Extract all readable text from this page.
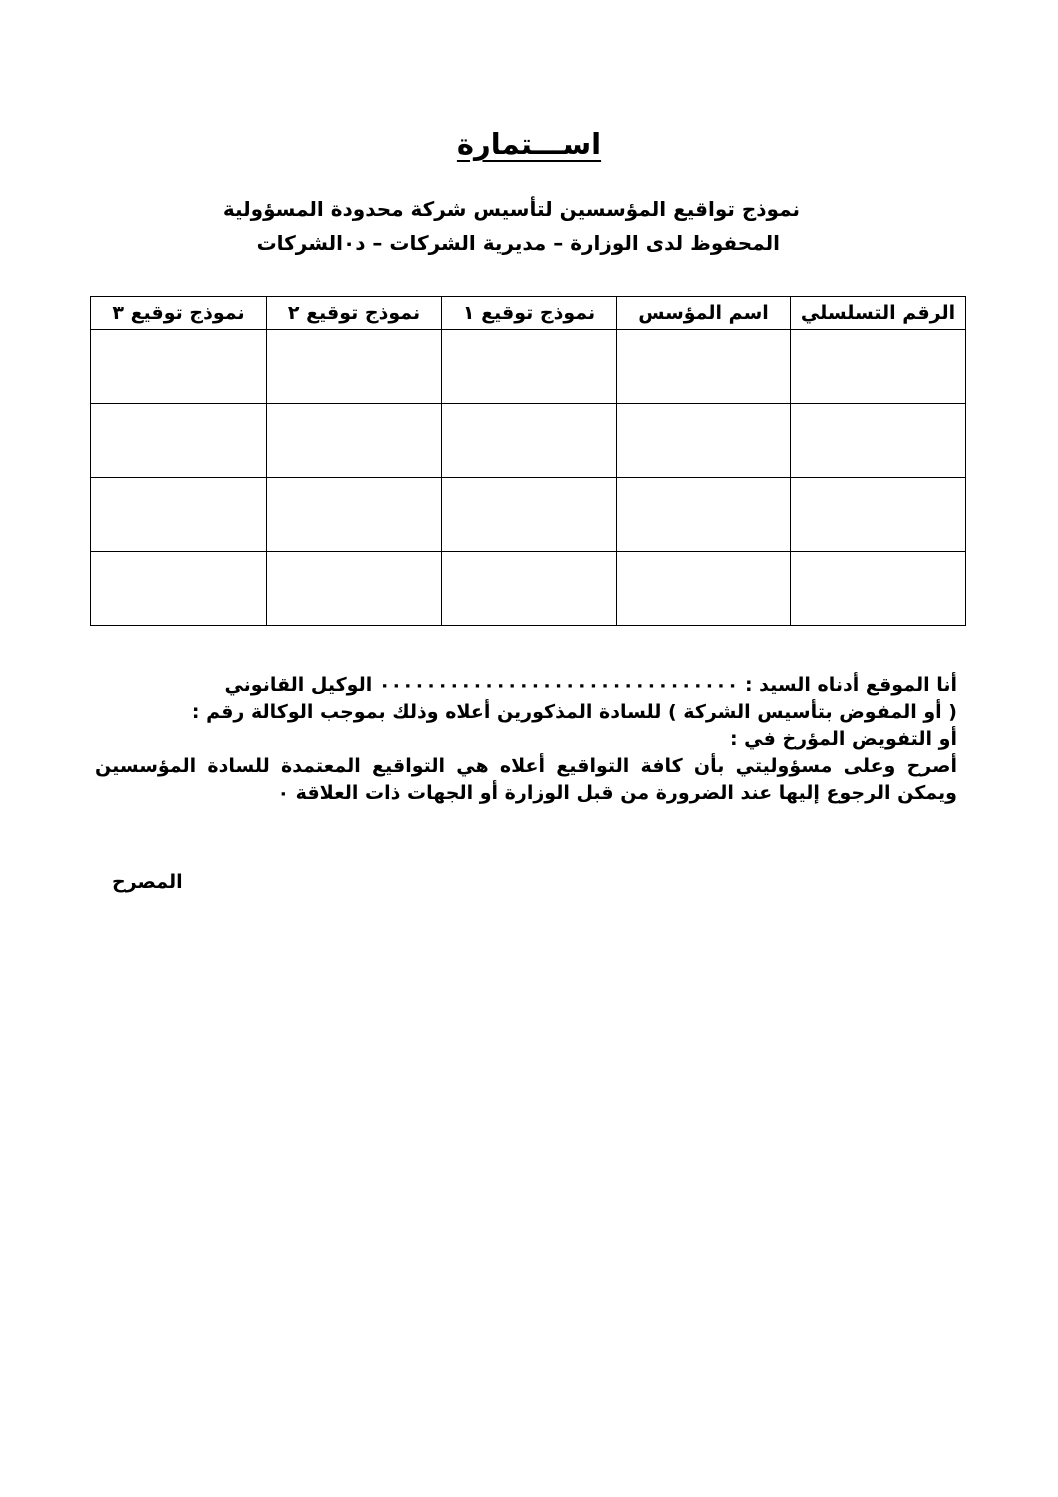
اســـتمارة

نموذج تواقيع المؤسسين لتأسيس شركة محدودة المسؤولية

المحفوظ لدى الوزارة – مديرية الشركات – د٠الشركات

الرقم التسلسلي	اسم المؤسس	نموذج توقيع ١	نموذج توقيع ٢	نموذج توقيع ٣

أنا الموقع أدناه السيد : ٠٠٠٠٠٠٠٠٠٠٠٠٠٠٠٠٠٠٠٠٠٠٠٠٠٠٠٠٠٠٠ الوكيل القانوني

( أو المفوض بتأسيس الشركة ) للسادة المذكورين أعلاه وذلك بموجب الوكالة رقم :

أو التفويض المؤرخ في :

أصرح وعلى مسؤوليتي بأن كافة التواقيع أعلاه هي التواقيع المعتمدة للسادة المؤسسين ويمكن الرجوع إليها عند الضرورة من قبل الوزارة أو الجهات ذات العلاقة ٠

المصرح
